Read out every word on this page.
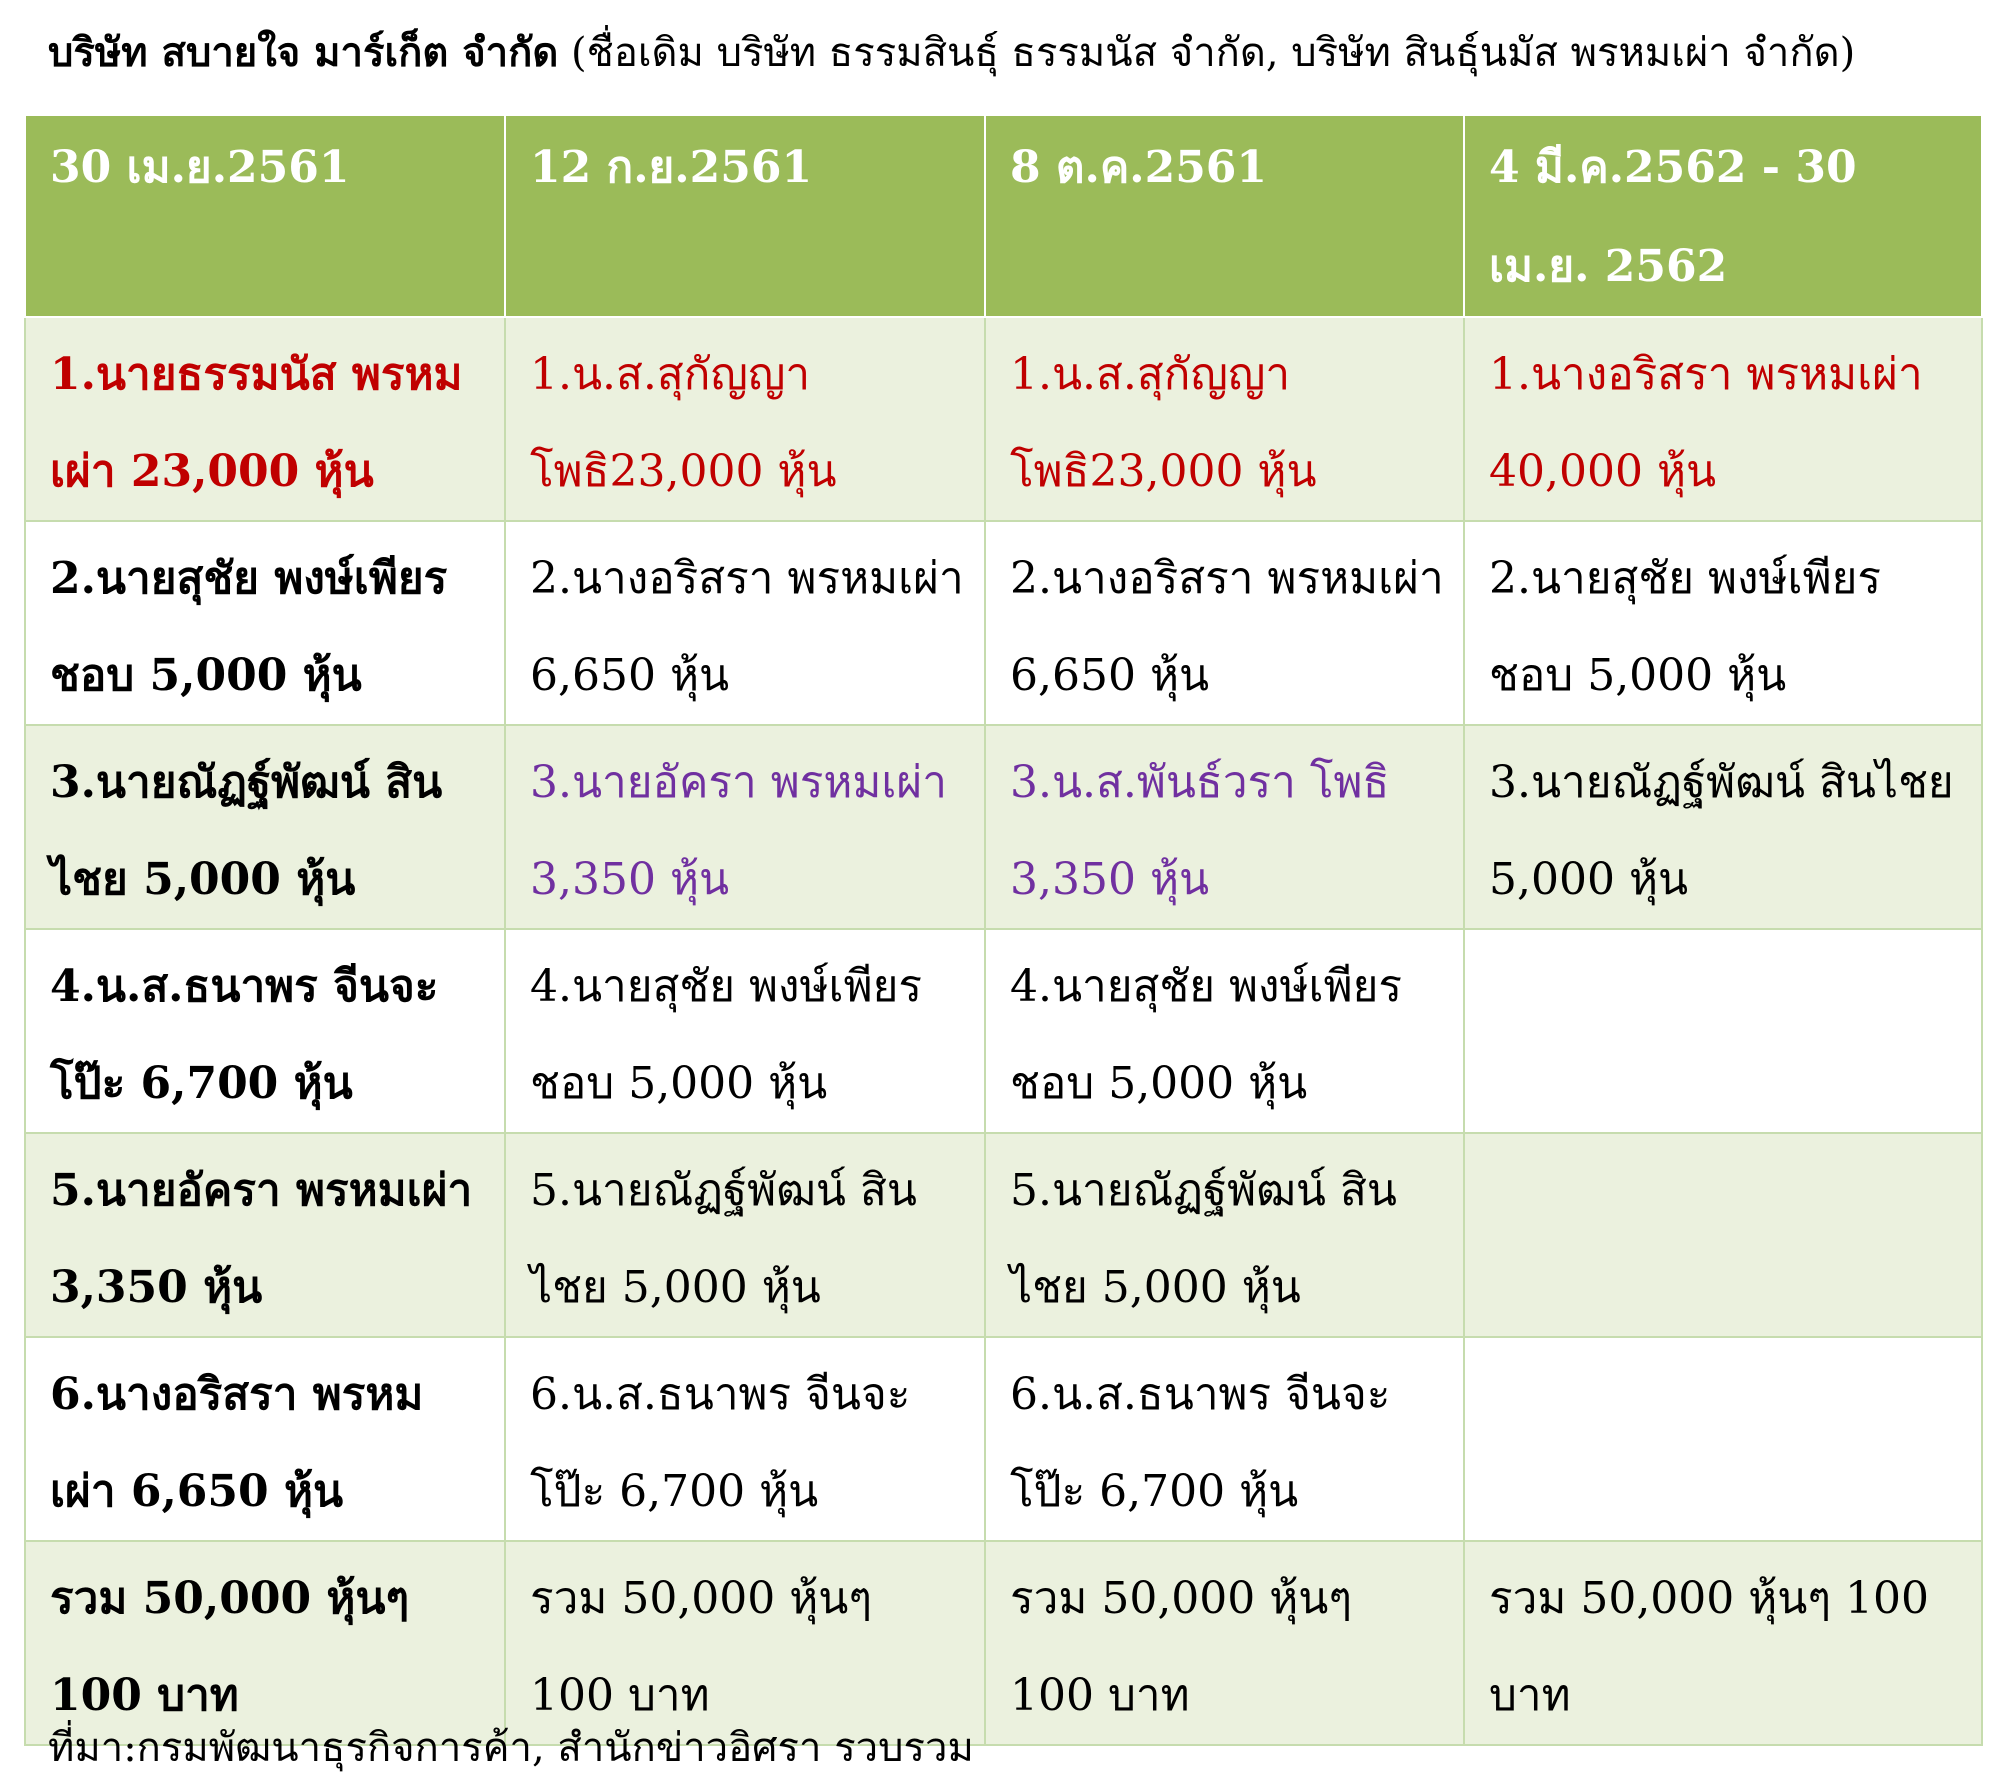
บริษัท สบายใจ มาร์เก็ต จำกัด (ชื่อเดิม บริษัท ธรรมสินธุ์ ธรรมนัส จำกัด, บริษัท สินธุ์นมัส พรหมเผ่า จำกัด)
30 เม.ย.2561	12 ก.ย.2561	8 ต.ค.2561	4 มี.ค.2562 - 30 เม.ย. 2562
1.นายธรรมนัส พรหมเผ่า 23,000 หุ้น	1.น.ส.สุกัญญา โพธิ23,000 หุ้น	1.น.ส.สุกัญญา โพธิ23,000 หุ้น	1.นางอริสรา พรหมเผ่า 40,000 หุ้น
2.นายสุชัย พงษ์เพียรชอบ 5,000 หุ้น	2.นางอริสรา พรหมเผ่า 6,650 หุ้น	2.นางอริสรา พรหมเผ่า 6,650 หุ้น	2.นายสุชัย พงษ์เพียรชอบ 5,000 หุ้น
3.นายณัฏฐ์พัฒน์ สินไชย 5,000 หุ้น	3.นายอัครา พรหมเผ่า 3,350 หุ้น	3.น.ส.พันธ์วรา โพธิ 3,350 หุ้น	3.นายณัฏฐ์พัฒน์ สินไชย 5,000 หุ้น
4.น.ส.ธนาพร จีนจะโป๊ะ 6,700 หุ้น	4.นายสุชัย พงษ์เพียรชอบ 5,000 หุ้น	4.นายสุชัย พงษ์เพียรชอบ 5,000 หุ้น	
5.นายอัครา พรหมเผ่า 3,350 หุ้น	5.นายณัฏฐ์พัฒน์ สินไชย 5,000 หุ้น	5.นายณัฏฐ์พัฒน์ สินไชย 5,000 หุ้น	
6.นางอริสรา พรหมเผ่า 6,650 หุ้น	6.น.ส.ธนาพร จีนจะโป๊ะ 6,700 หุ้น	6.น.ส.ธนาพร จีนจะโป๊ะ 6,700 หุ้น	
รวม 50,000 หุ้นๆ 100 บาท	รวม 50,000 หุ้นๆ 100 บาท	รวม 50,000 หุ้นๆ 100 บาท	รวม 50,000 หุ้นๆ 100 บาท
ที่มา:กรมพัฒนาธุรกิจการค้า, สำนักข่าวอิศรา รวบรวม
